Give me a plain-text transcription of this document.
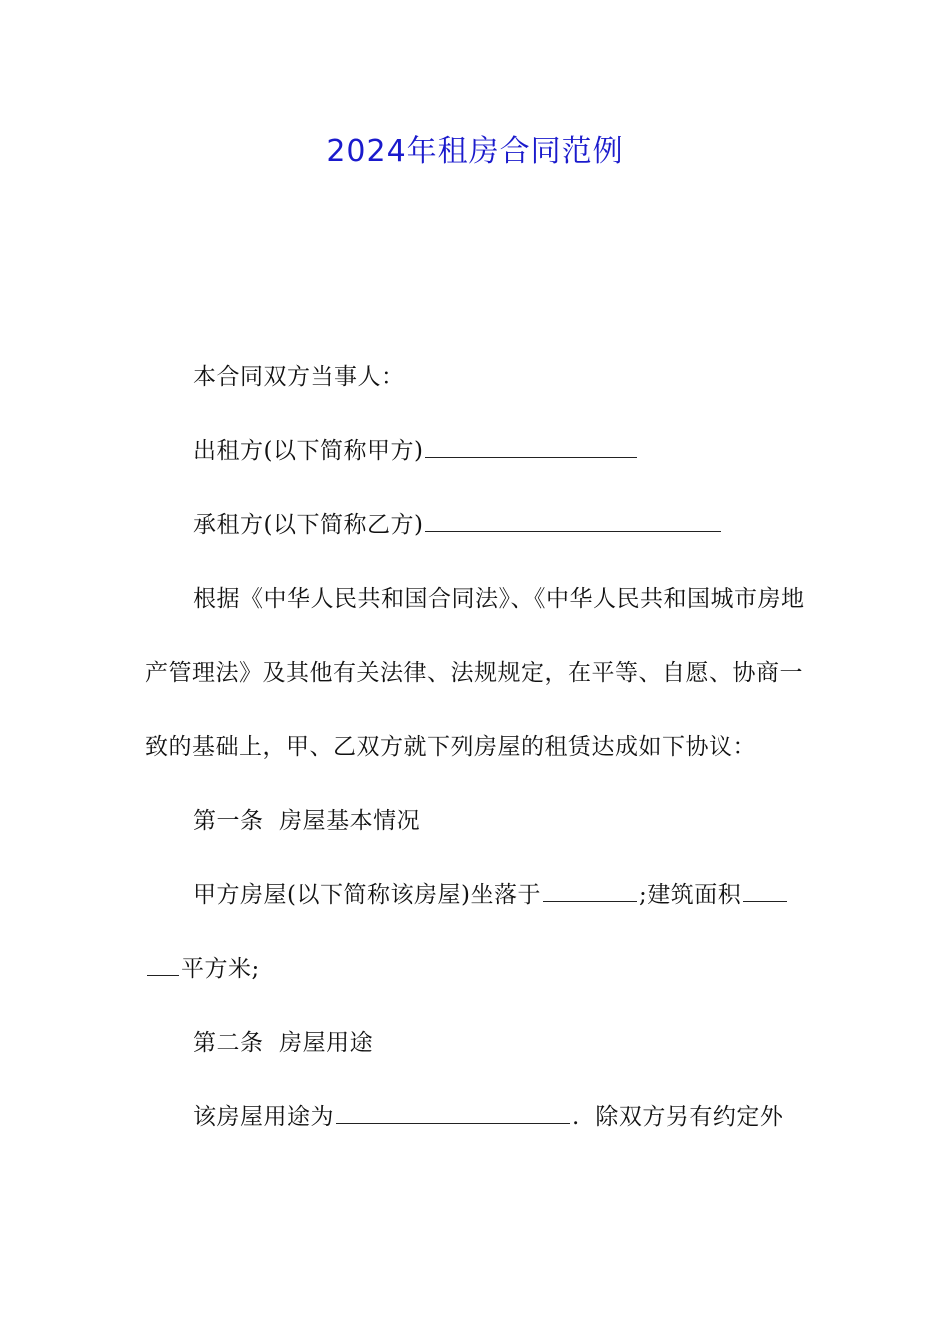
2024年租房合同范例

本合同双方当事人：

出租方(以下简称甲方)

承租方(以下简称乙方)

根据《中华人民共和国合同法》、《中华人民共和国城市房地产管理法》及其他有关法律、法规规定，在平等、自愿、协商一致的基础上，甲、乙双方就下列房屋的租赁达成如下协议：

第一条  房屋基本情况

甲方房屋(以下简称该房屋)坐落于	;建筑面积平方米;

第二条  房屋用途

该房屋用途为	.  除双方另有约定外
